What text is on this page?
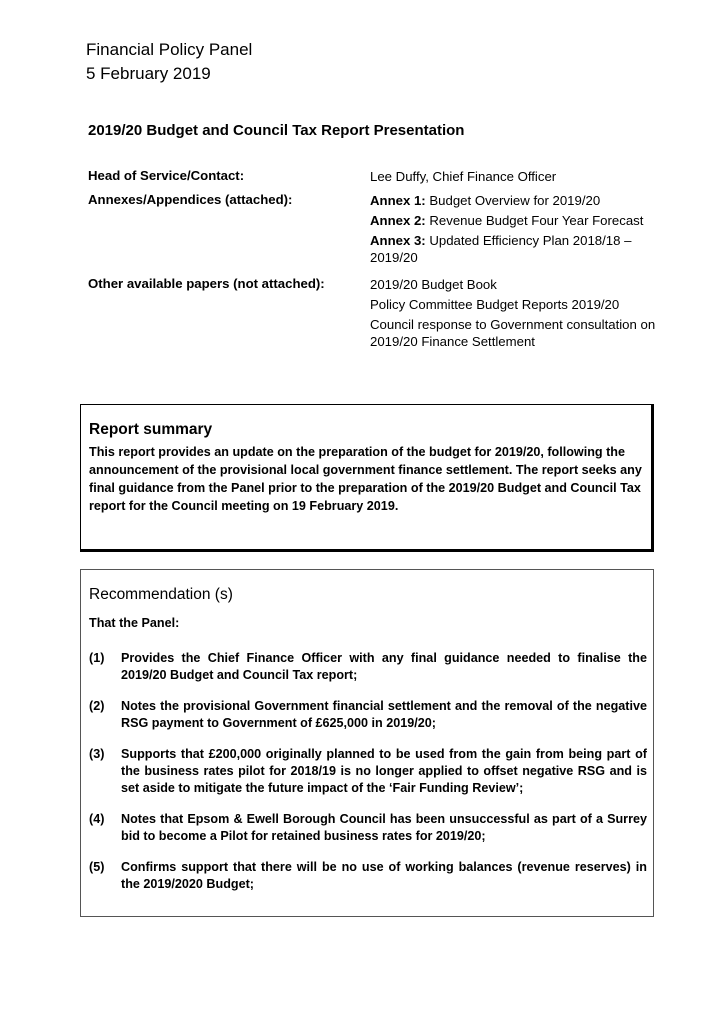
Financial Policy Panel
5 February 2019
2019/20 Budget and Council Tax Report Presentation
Head of Service/Contact:	Lee Duffy, Chief Finance Officer
Annexes/Appendices (attached):	Annex 1: Budget Overview for 2019/20
Annex 2: Revenue Budget Four Year Forecast
Annex 3: Updated Efficiency Plan 2018/18 – 2019/20
Other available papers (not attached):	2019/20 Budget Book
Policy Committee Budget Reports 2019/20
Council response to Government consultation on 2019/20 Finance Settlement
Report summary

This report provides an update on the preparation of the budget for 2019/20, following the announcement of the provisional local government finance settlement. The report seeks any final guidance from the Panel prior to the preparation of the 2019/20 Budget and Council Tax report for the Council meeting on 19 February 2019.

Recommendation (s)
That the Panel:
(1)	Provides the Chief Finance Officer with any final guidance needed to finalise the 2019/20 Budget and Council Tax report;
(2)	Notes the provisional Government financial settlement and the removal of the negative RSG payment to Government of £625,000 in 2019/20;
(3)	Supports that £200,000 originally planned to be used from the gain from being part of the business rates pilot for 2018/19 is no longer applied to offset negative RSG and is set aside to mitigate the future impact of the ‘Fair Funding Review’;
(4)	Notes that Epsom & Ewell Borough Council has been unsuccessful as part of a Surrey bid to become a Pilot for retained business rates for 2019/20;
(5)	Confirms support that there will be no use of working balances (revenue reserves) in the 2019/2020 Budget;
